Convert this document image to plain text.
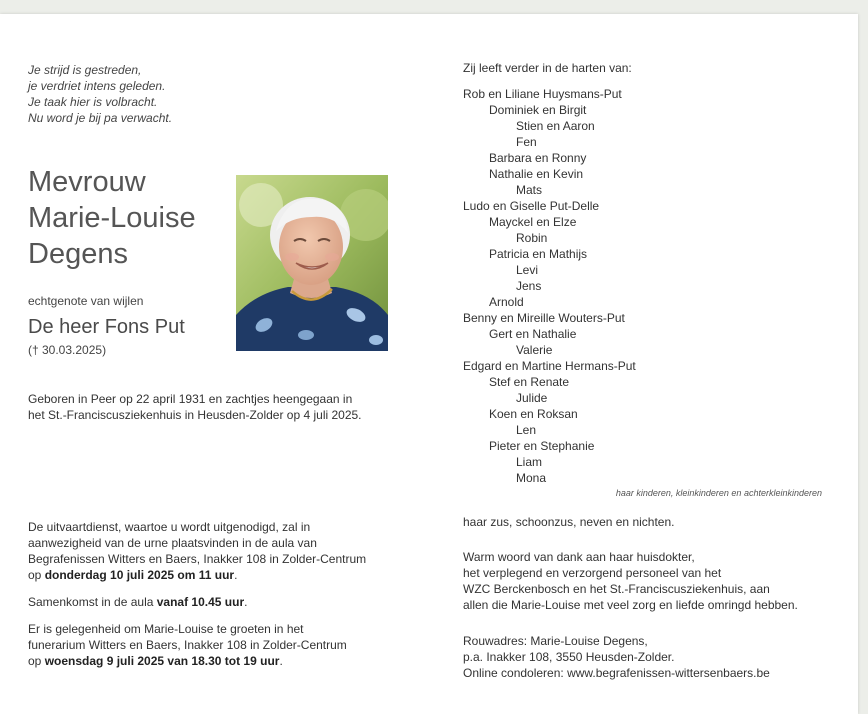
Je strijd is gestreden,
je verdriet intens geleden.
Je taak hier is volbracht.
Nu word je bij pa verwacht.
Mevrouw
Marie-Louise
Degens
echtgenote van wijlen
De heer Fons Put
(† 30.03.2025)
Geboren in Peer op 22 april 1931 en zachtjes heengegaan in
het St.-Franciscusziekenhuis in Heusden-Zolder op 4 juli 2025.
De uitvaartdienst, waartoe u wordt uitgenodigd, zal in
aanwezigheid van de urne plaatsvinden in de aula van
Begrafenissen Witters en Baers, Inakker 108 in Zolder-Centrum
op donderdag 10 juli 2025 om 11 uur.
Samenkomst in de aula vanaf 10.45 uur.
Er is gelegenheid om Marie-Louise te groeten in het
funerarium Witters en Baers, Inakker 108 in Zolder-Centrum
op woensdag 9 juli 2025 van 18.30 tot 19 uur.
Zij leeft verder in de harten van:
Rob en Liliane Huysmans-Put
Dominiek en Birgit
Stien en Aaron
Fen
Barbara en Ronny
Nathalie en Kevin
Mats
Ludo en Giselle Put-Delle
Mayckel en Elze
Robin
Patricia en Mathijs
Levi
Jens
Arnold
Benny en Mireille Wouters-Put
Gert en Nathalie
Valerie
Edgard en Martine Hermans-Put
Stef en Renate
Julide
Koen en Roksan
Len
Pieter en Stephanie
Liam
Mona
haar kinderen, kleinkinderen en achterkleinkinderen
haar zus, schoonzus, neven en nichten.
Warm woord van dank aan haar huisdokter,
het verplegend en verzorgend personeel van het
WZC Berckenbosch en het St.-Franciscusziekenhuis, aan
allen die Marie-Louise met veel zorg en liefde omringd hebben.
Rouwadres: Marie-Louise Degens,
p.a. Inakker 108, 3550 Heusden-Zolder.
Online condoleren: www.begrafenissen-wittersenbaers.be
